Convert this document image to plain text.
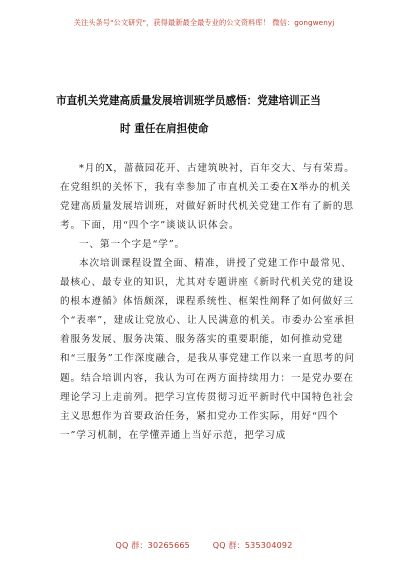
关注头条号"公文研究"，获得最新最全最专业的公文资料库！ 微信：gongwenyj
市直机关党建高质量发展培训班学员感悟：党建培训正当
时 重任在肩担使命

*月的X，蔷薇园花开、古建筑映衬，百年交大、与有荣焉。在党组织的关怀下，我有幸参加了市直机关工委在X举办的机关党建高质量发展培训班，对做好新时代机关党建工作有了新的思考。下面，用“四个字”谈谈认识体会。

一、第一个字是“学”。

本次培训课程设置全面、精准，讲授了党建工作中最常见、最核心、最专业的知识，尤其对专题讲座《新时代机关党的建设的根本遵循》体悟颇深，课程系统性、框架性阐释了如何做好三个“表率”，建成让党放心、让人民满意的机关。市委办公室承担着服务发展、服务决策、服务落实的重要职能，如何推动党建和“三服务”工作深度融合，是我从事党建工作以来一直思考的问题。结合培训内容，我认为可在两方面持续用力：一是党办要在理论学习上走前列。把学习宣传贯彻习近平新时代中国特色社会主义思想作为首要政治任务，紧扣党办工作实际，用好“四个一”学习机制，在学懂弄通上当好示范，把学习成

QQ 群：30265665	QQ 群：535304092
